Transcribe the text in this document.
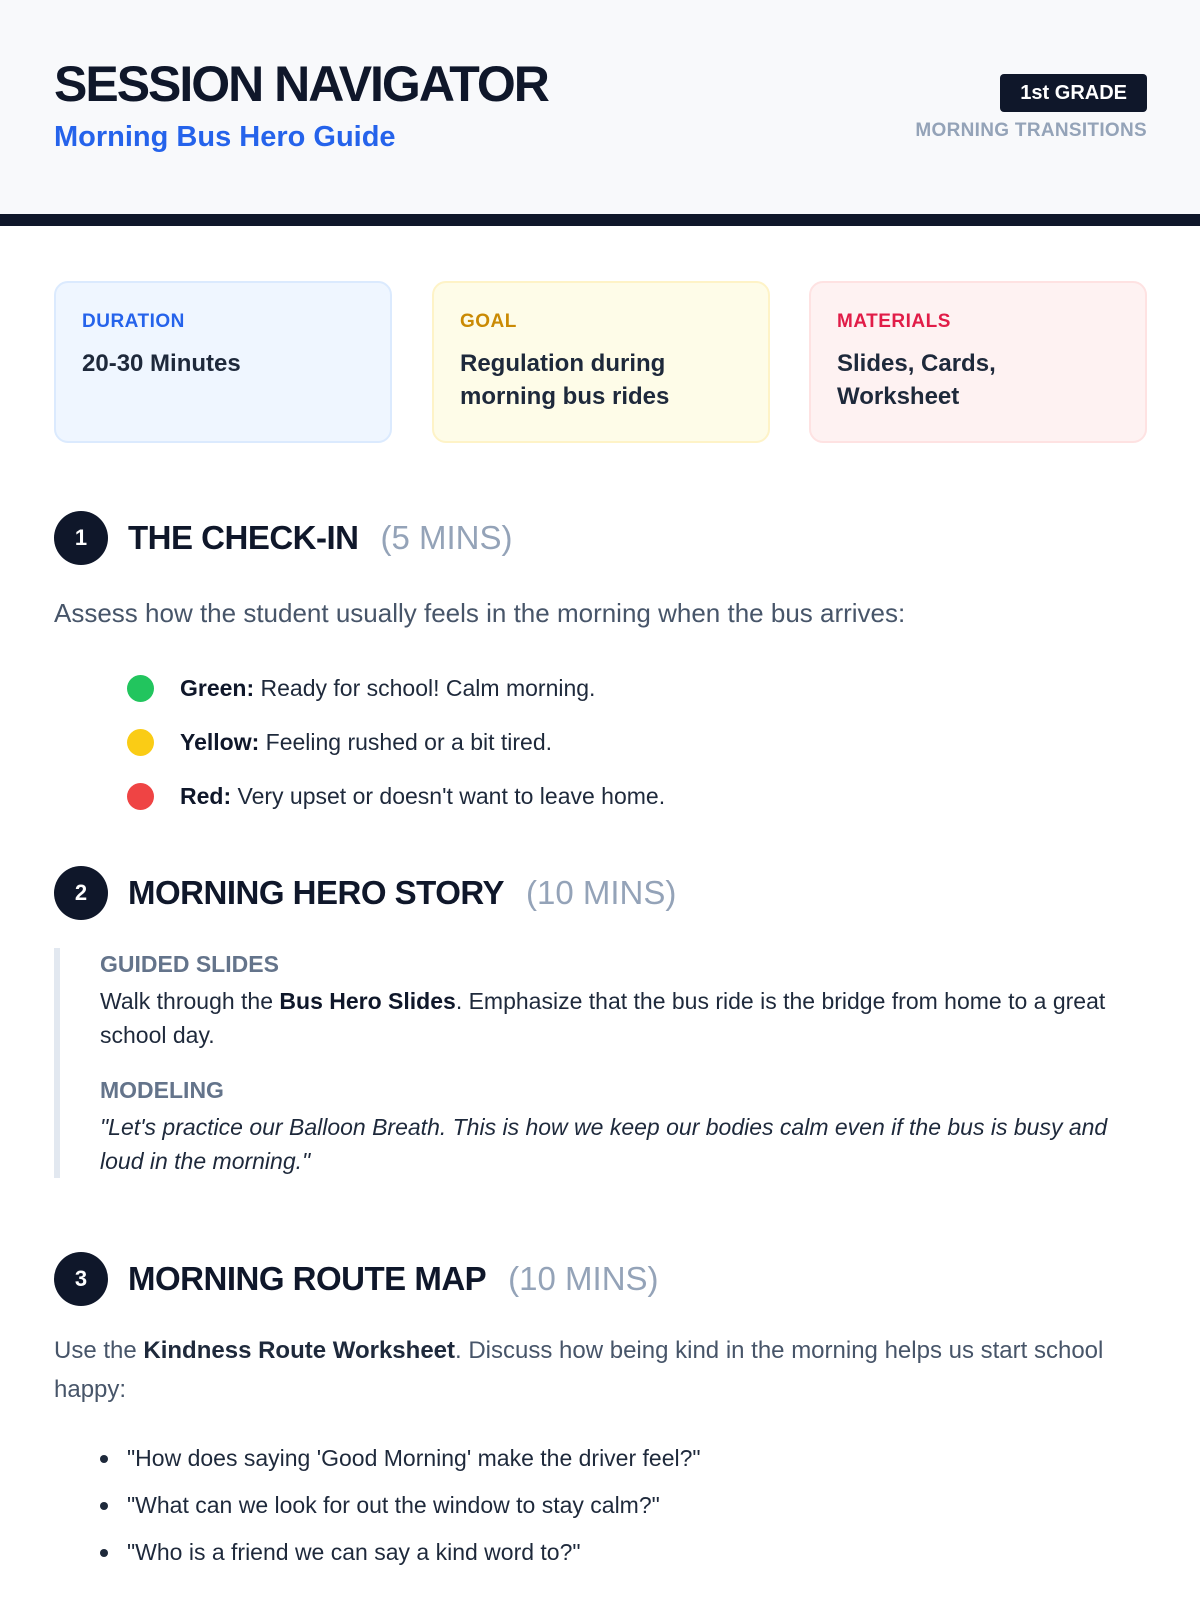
SESSION NAVIGATOR
Morning Bus Hero Guide
1st GRADE
MORNING TRANSITIONS
DURATION
20-30 Minutes
GOAL
Regulation during
morning bus rides
MATERIALS
Slides, Cards,
Worksheet
1	THE CHECK-IN (5 MINS)
Assess how the student usually feels in the morning when the bus arrives:
Green: Ready for school! Calm morning.
Yellow: Feeling rushed or a bit tired.
Red: Very upset or doesn't want to leave home.
2	MORNING HERO STORY (10 MINS)
GUIDED SLIDES
Walk through the Bus Hero Slides. Emphasize that the bus ride is the bridge from home to a great school day.
MODELING
"Let's practice our Balloon Breath. This is how we keep our bodies calm even if the bus is busy and loud in the morning."
3	MORNING ROUTE MAP (10 MINS)
Use the Kindness Route Worksheet. Discuss how being kind in the morning helps us start school happy:
"How does saying 'Good Morning' make the driver feel?"
"What can we look for out the window to stay calm?"
"Who is a friend we can say a kind word to?"
